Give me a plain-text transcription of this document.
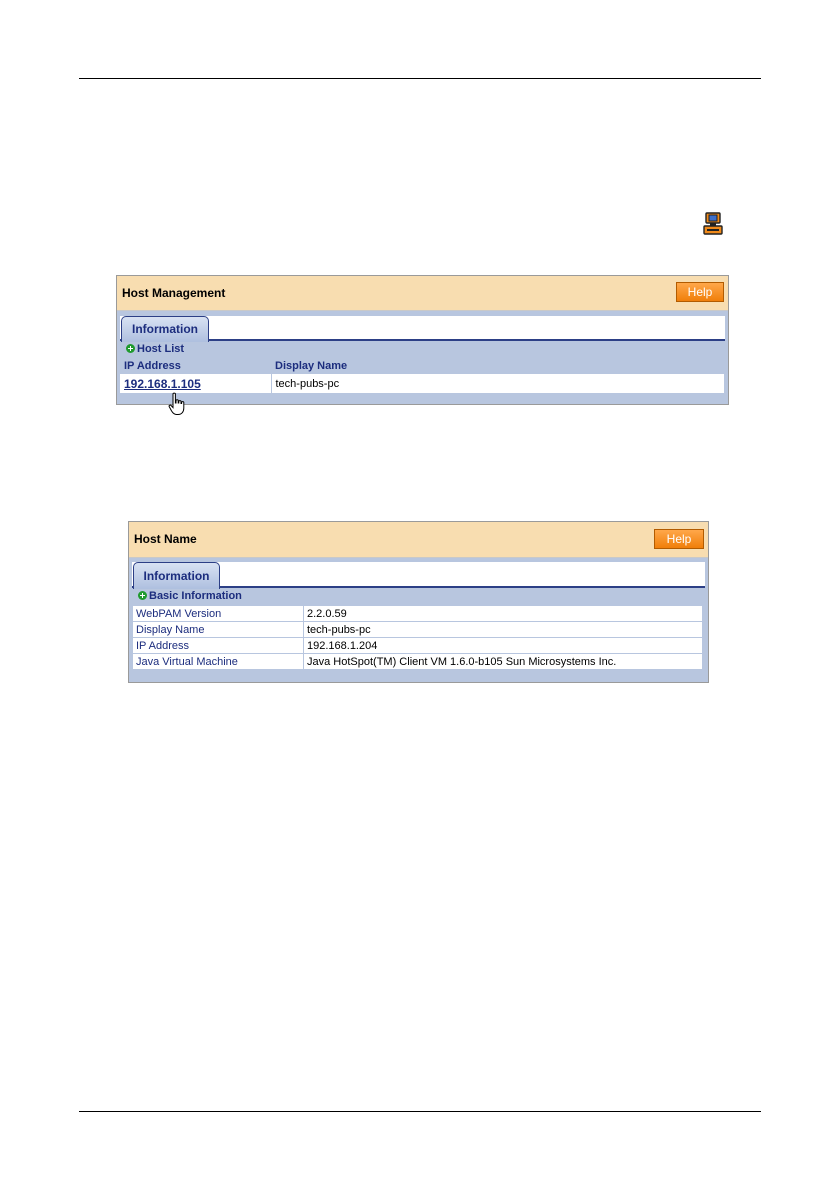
Host Management	Help
Information
Host List
IP Address	Display Name
192.168.1.105	tech-pubs-pc
Host Name	Help
Information
Basic Information
WebPAM Version	2.2.0.59
Display Name	tech-pubs-pc
IP Address	192.168.1.204
Java Virtual Machine	Java HotSpot(TM) Client VM 1.6.0-b105 Sun Microsystems Inc.
